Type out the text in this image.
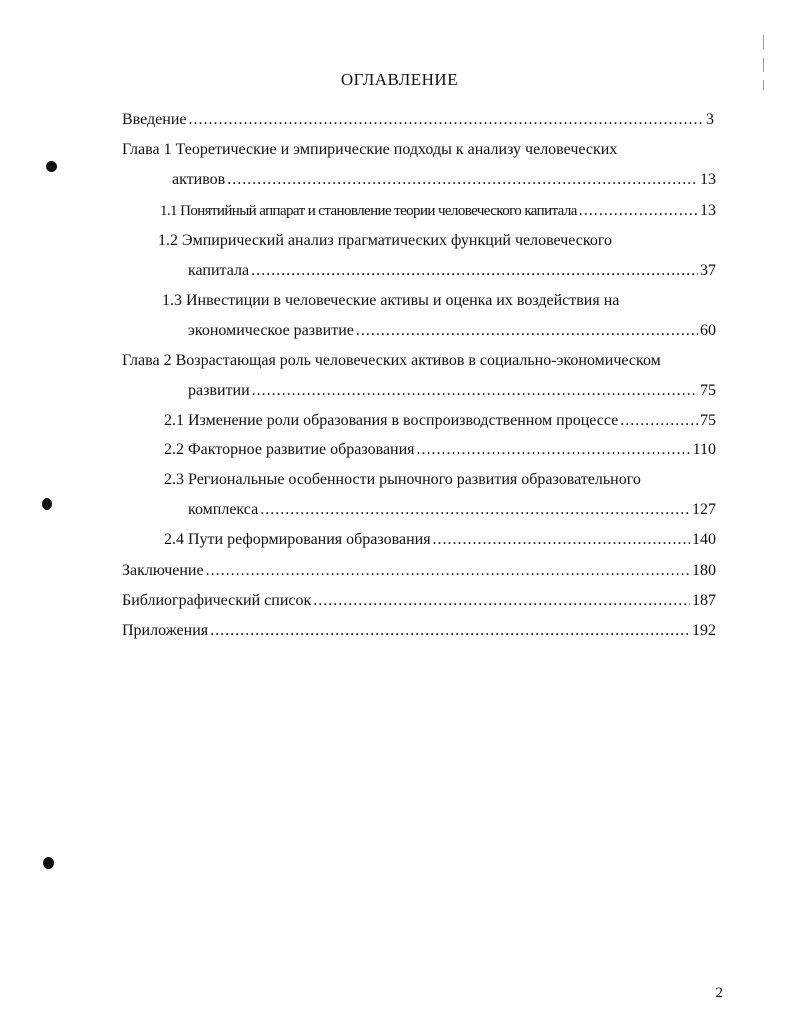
ОГЛАВЛЕНИЕ
Введение .....	3
Глава 1 Теоретические и эмпирические подходы к анализу человеческих
активов .....	13
1.1 Понятийный аппарат и становление теории человеческого капитала .....	13
1.2 Эмпирический анализ прагматических функций человеческого
капитала .....	37
1.3 Инвестиции в человеческие активы и оценка их воздействия на
экономическое развитие .....	60
Глава 2 Возрастающая роль человеческих активов в социально-экономическом
развитии .....	75
2.1 Изменение роли образования в воспроизводственном процессе .....	75
2.2 Факторное развитие образования .....	110
2.3 Региональные особенности рыночного развития образовательного
комплекса .....	127
2.4 Пути реформирования образования .....	140
Заключение .....	180
Библиографический список .....	187
Приложения .....	192
2
